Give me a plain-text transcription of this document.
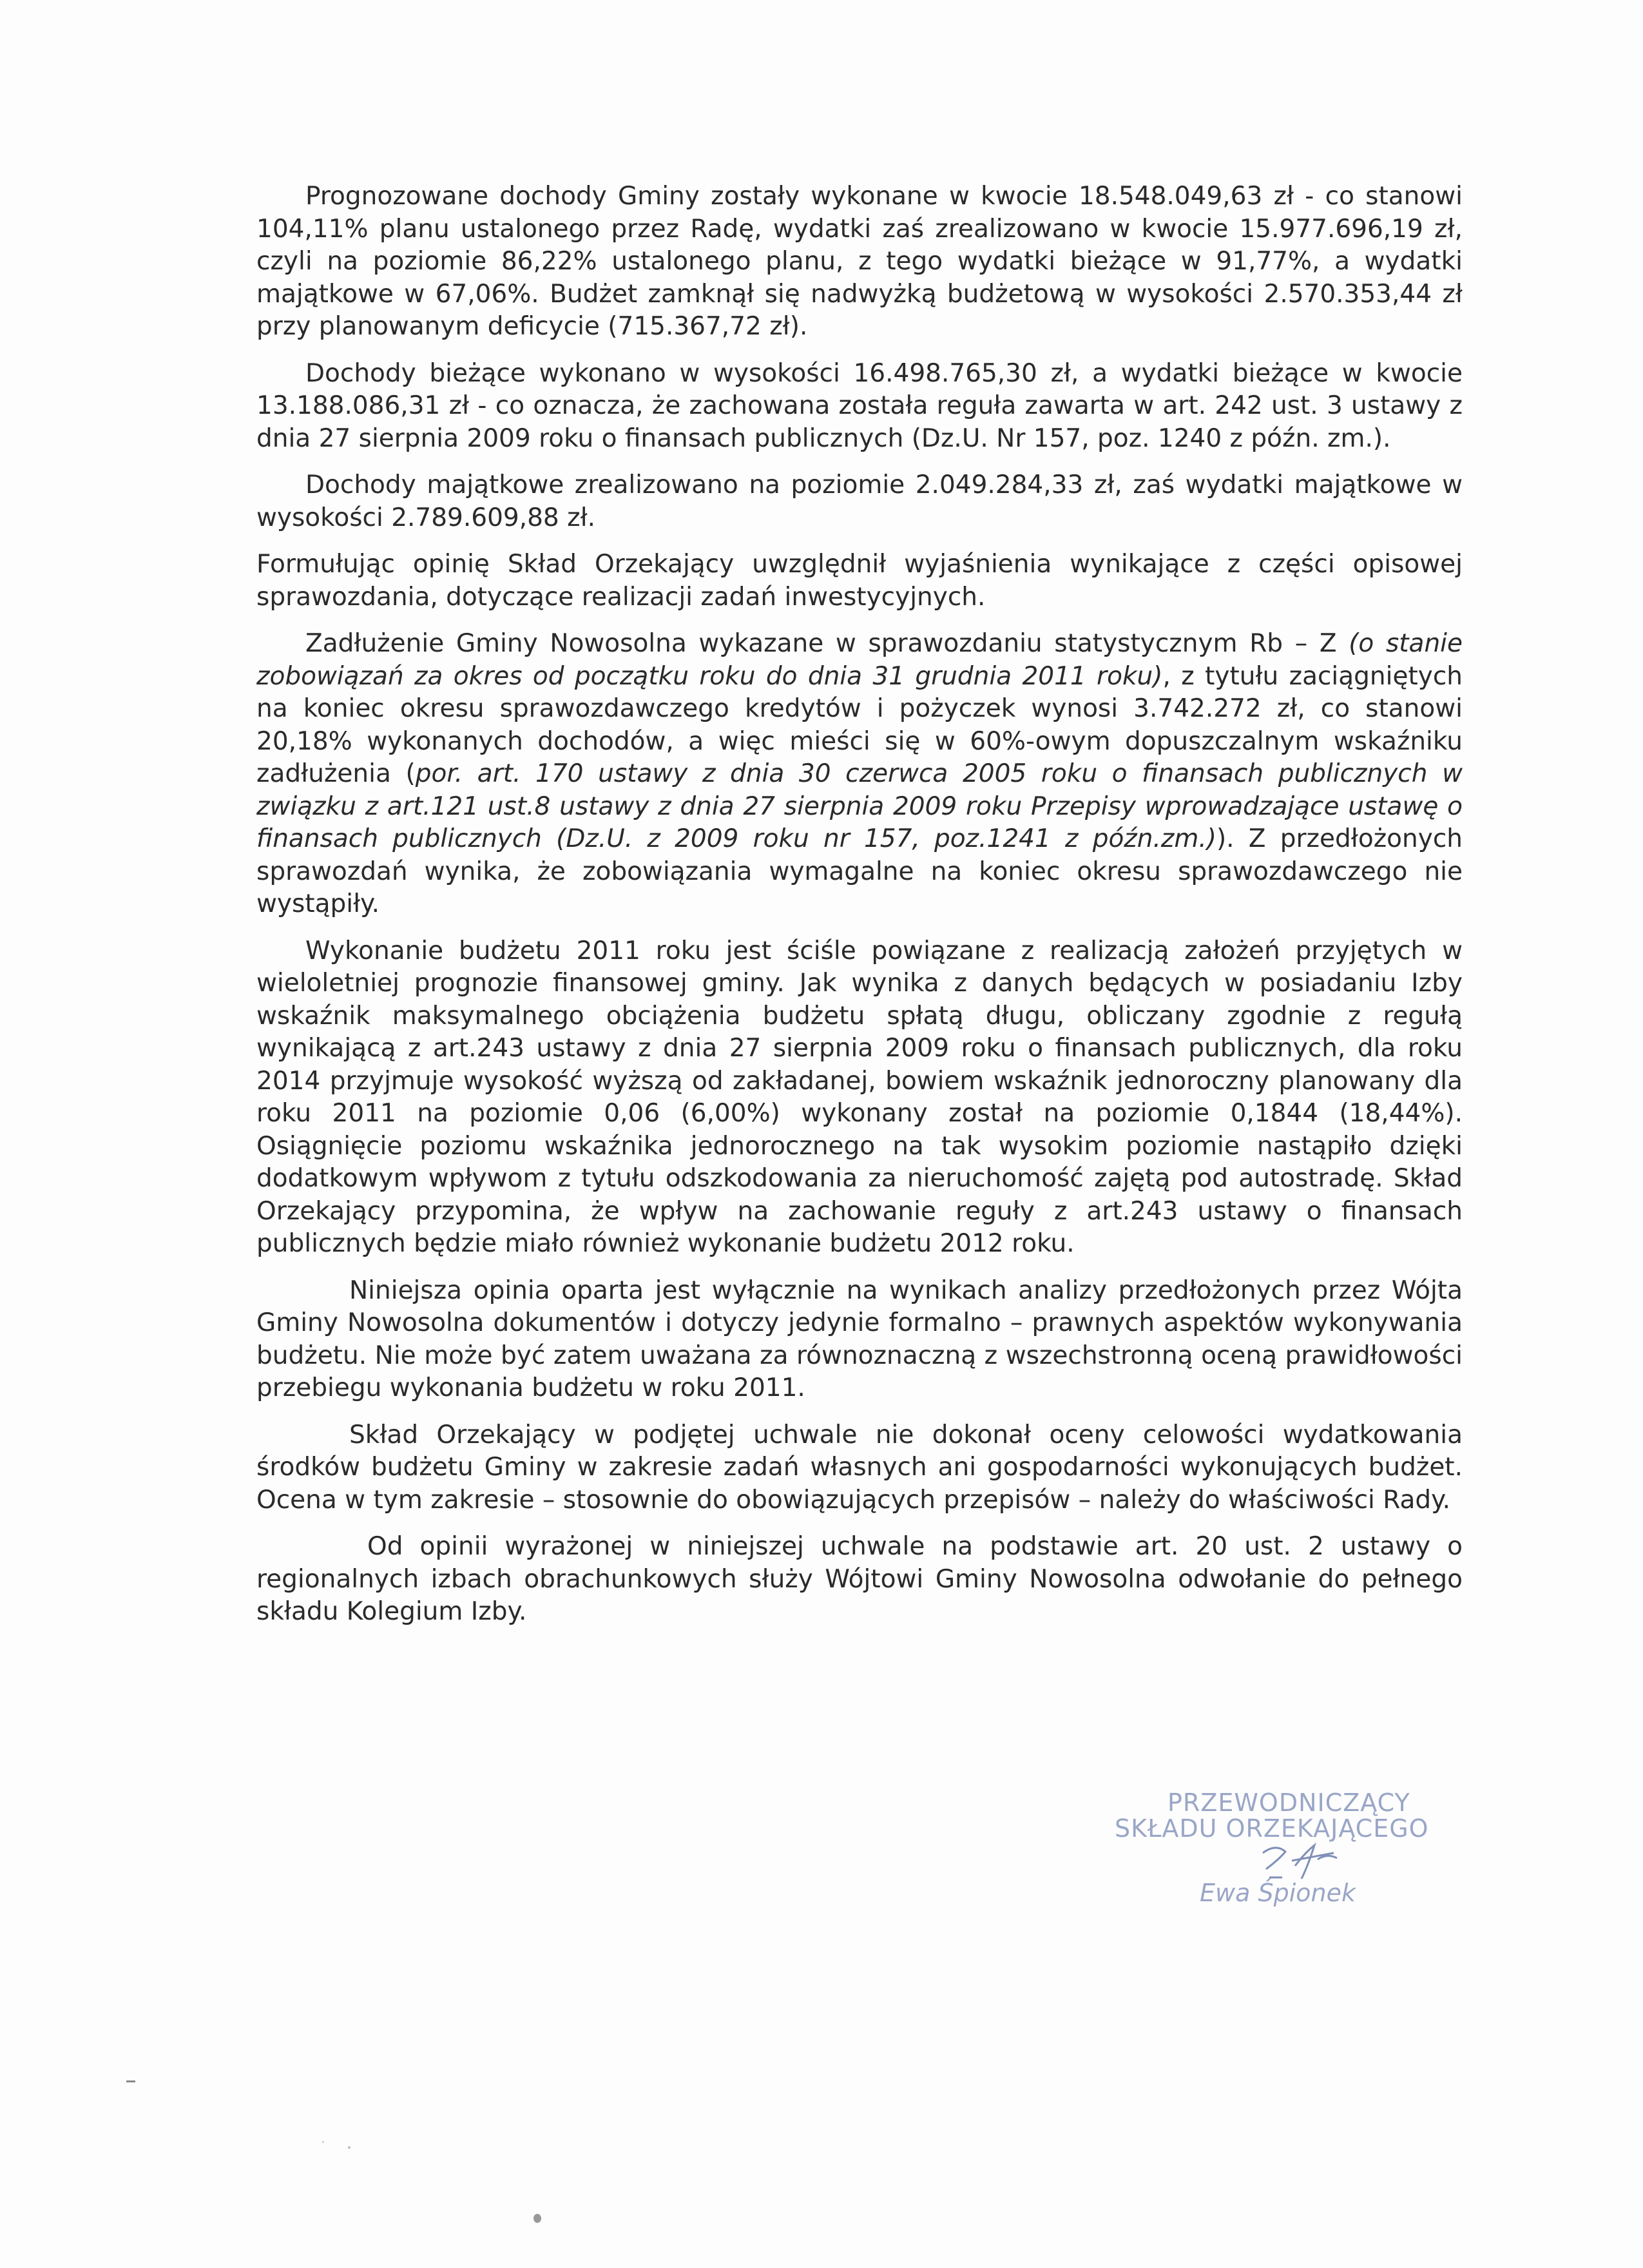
Prognozowane dochody Gminy zostały wykonane w kwocie 18.548.049,63 zł - co stanowi 104,11% planu ustalonego przez Radę, wydatki zaś zrealizowano w kwocie 15.977.696,19 zł, czyli na poziomie 86,22% ustalonego planu, z tego wydatki bieżące w 91,77%, a wydatki majątkowe w 67,06%. Budżet zamknął się nadwyżką budżetową w wysokości 2.570.353,44 zł przy planowanym deficycie (715.367,72 zł).

Dochody bieżące wykonano w wysokości 16.498.765,30 zł, a wydatki bieżące w kwocie 13.188.086,31 zł - co oznacza, że zachowana została reguła zawarta w art. 242 ust. 3 ustawy z dnia 27 sierpnia 2009 roku o finansach publicznych (Dz.U. Nr 157, poz. 1240 z późn. zm.).

Dochody majątkowe zrealizowano na poziomie 2.049.284,33 zł, zaś wydatki majątkowe w wysokości 2.789.609,88 zł.

Formułując opinię Skład Orzekający uwzględnił wyjaśnienia wynikające z części opisowej sprawozdania, dotyczące realizacji zadań inwestycyjnych.

Zadłużenie Gminy Nowosolna wykazane w sprawozdaniu statystycznym Rb – Z (o stanie zobowiązań za okres od początku roku do dnia 31 grudnia 2011 roku), z tytułu zaciągniętych na koniec okresu sprawozdawczego kredytów i pożyczek wynosi 3.742.272 zł, co stanowi 20,18% wykonanych dochodów, a więc mieści się w 60%-owym dopuszczalnym wskaźniku zadłużenia (por. art. 170 ustawy z dnia 30 czerwca 2005 roku o finansach publicznych w związku z art.121 ust.8 ustawy z dnia 27 sierpnia 2009 roku Przepisy wprowadzające ustawę o finansach publicznych (Dz.U. z 2009 roku nr 157, poz.1241 z późn.zm.)). Z przedłożonych sprawozdań wynika, że zobowiązania wymagalne na koniec okresu sprawozdawczego nie wystąpiły.

Wykonanie budżetu 2011 roku jest ściśle powiązane z realizacją założeń przyjętych w wieloletniej prognozie finansowej gminy. Jak wynika z danych będących w posiadaniu Izby wskaźnik maksymalnego obciążenia budżetu spłatą długu, obliczany zgodnie z regułą wynikającą z art.243 ustawy z dnia 27 sierpnia 2009 roku o finansach publicznych, dla roku 2014 przyjmuje wysokość wyższą od zakładanej, bowiem wskaźnik jednoroczny planowany dla roku 2011 na poziomie 0,06 (6,00%) wykonany został na poziomie 0,1844 (18,44%). Osiągnięcie poziomu wskaźnika jednorocznego na tak wysokim poziomie nastąpiło dzięki dodatkowym wpływom z tytułu odszkodowania za nieruchomość zajętą pod autostradę. Skład Orzekający przypomina, że wpływ na zachowanie reguły z art.243 ustawy o finansach publicznych będzie miało również wykonanie budżetu 2012 roku.

Niniejsza opinia oparta jest wyłącznie na wynikach analizy przedłożonych przez Wójta Gminy Nowosolna dokumentów i dotyczy jedynie formalno – prawnych aspektów wykonywania budżetu. Nie może być zatem uważana za równoznaczną z wszechstronną oceną prawidłowości przebiegu wykonania budżetu w roku 2011.

Skład Orzekający w podjętej uchwale nie dokonał oceny celowości wydatkowania środków budżetu Gminy w zakresie zadań własnych ani gospodarności wykonujących budżet. Ocena w tym zakresie – stosownie do obowiązujących przepisów – należy do właściwości Rady.

Od opinii wyrażonej w niniejszej uchwale na podstawie art. 20 ust. 2 ustawy o regionalnych izbach obrachunkowych służy Wójtowi Gminy Nowosolna odwołanie do pełnego składu Kolegium Izby.

PRZEWODNICZĄCY
SKŁADU ORZEKAJĄCEGO
Ewa Śpionek
